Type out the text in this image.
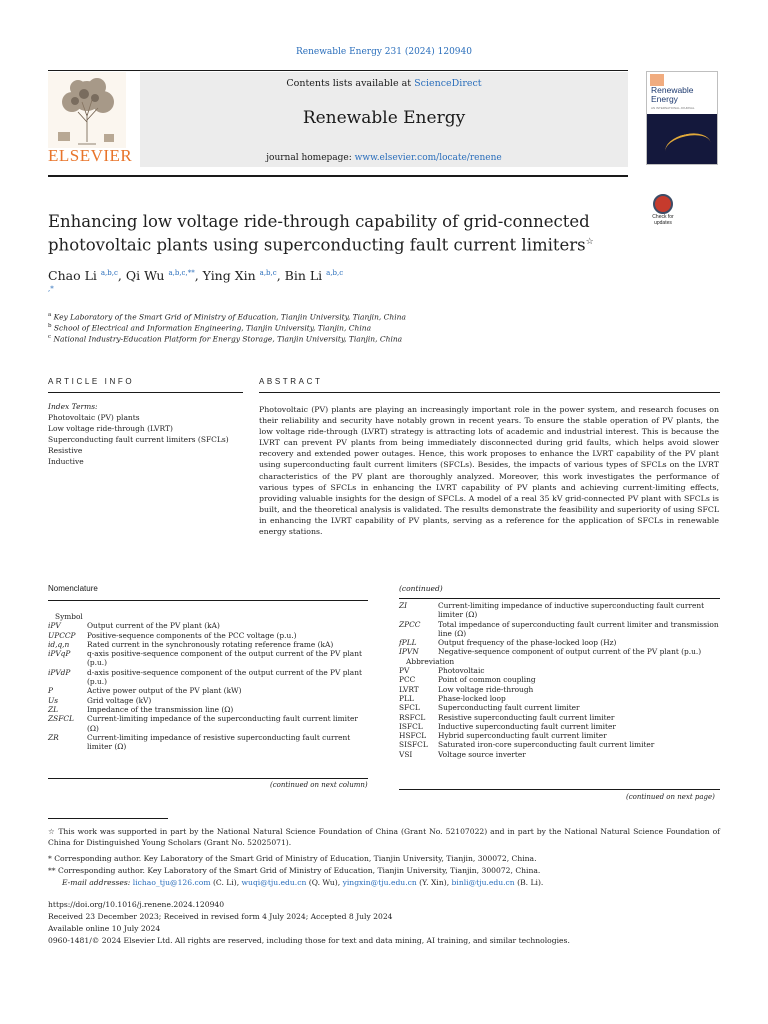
Renewable Energy 231 (2024) 120940
ELSEVIER
Contents lists available at ScienceDirect
Renewable Energy
journal homepage: www.elsevier.com/locate/renene
Renewable Energy
AN INTERNATIONAL JOURNAL
Check for
updates
Enhancing low voltage ride-through capability of grid-connected
photovoltaic plants using superconducting fault current limiters☆
Chao Li $^{a,b,c}$, Qi Wu $^{a,b,c,**}$, Ying Xin $^{a,b,c}$, Bin Li $^{a,b,c}$
,*
$^a$ Key Laboratory of the Smart Grid of Ministry of Education, Tianjin University, Tianjin, China
$^b$ School of Electrical and Information Engineering, Tianjin University, Tianjin, China
$^c$ National Industry-Education Platform for Energy Storage, Tianjin University, Tianjin, China
ARTICLE INFO	ABSTRACT
Index Terms:
Photovoltaic (PV) plants
Low voltage ride-through (LVRT)
Superconducting fault current limiters (SFCLs)
Resistive
Inductive
Photovoltaic (PV) plants are playing an increasingly important role in the power system, and research focuses on their reliability and security have notably grown in recent years. To ensure the stable operation of PV plants, the low voltage ride-through (LVRT) strategy is attracting lots of academic and industrial interest. This is because the LVRT can prevent PV plants from being immediately disconnected during grid faults, which helps avoid slower recovery and extended power outages. Hence, this work proposes to enhance the LVRT capability of the PV plant using superconducting fault current limiters (SFCLs). Besides, the impacts of various types of SFCLs on the LVRT characteristics of the PV plant are thoroughly analyzed. Moreover, this work investigates the performance of various types of SFCLs in enhancing the LVRT capability of PV plants and achieving current-limiting effects, providing valuable insights for the design of SFCLs. A model of a real 35 kV grid-connected PV plant with SFCLs is built, and the theoretical analysis is validated. The results demonstrate the feasibility and superiority of using SFCL in enhancing the LVRT capability of PV plants, serving as a reference for the application of SFCLs in renewable energy stations.
Nomenclature	(continued)
Symbol
iPV	Output current of the PV plant (kA)
UPCCP	Positive-sequence components of the PCC voltage (p.u.)
id,q,n	Rated current in the synchronously rotating reference frame (kA)
iPVqP	q-axis positive-sequence component of the output current of the PV plant (p.u.)
iPVdP	d-axis positive-sequence component of the output current of the PV plant (p.u.)
P	Active power output of the PV plant (kW)
Us	Grid voltage (kV)
ZL	Impedance of the transmission line (Ω)
ZSFCL	Current-limiting impedance of the superconducting fault current limiter (Ω)
ZR	Current-limiting impedance of resistive superconducting fault current limiter (Ω)
(continued on next column)
ZI	Current-limiting impedance of inductive superconducting fault current limiter (Ω)
ZPCC	Total impedance of superconducting fault current limiter and transmission line (Ω)
fPLL	Output frequency of the phase-locked loop (Hz)
IPVN	Negative-sequence component of output current of the PV plant (p.u.)
Abbreviation
PV	Photovoltaic
PCC	Point of common coupling
LVRT	Low voltage ride-through
PLL	Phase-locked loop
SFCL	Superconducting fault current limiter
RSFCL	Resistive superconducting fault current limiter
ISFCL	Inductive superconducting fault current limiter
HSFCL	Hybrid superconducting fault current limiter
SISFCL	Saturated iron-core superconducting fault current limiter
VSI	Voltage source inverter
(continued on next page)
☆ This work was supported in part by the National Natural Science Foundation of China (Grant No. 52107022) and in part by the National Natural Science Foundation of China for Distinguished Young Scholars (Grant No. 52025071).
* Corresponding author. Key Laboratory of the Smart Grid of Ministry of Education, Tianjin University, Tianjin, 300072, China.
** Corresponding author. Key Laboratory of the Smart Grid of Ministry of Education, Tianjin University, Tianjin, 300072, China.
E-mail addresses: lichao_tju@126.com (C. Li), wuqi@tju.edu.cn (Q. Wu), yingxin@tju.edu.cn (Y. Xin), binli@tju.edu.cn (B. Li).
https://doi.org/10.1016/j.renene.2024.120940
Received 23 December 2023; Received in revised form 4 July 2024; Accepted 8 July 2024
Available online 10 July 2024
0960-1481/© 2024 Elsevier Ltd. All rights are reserved, including those for text and data mining, AI training, and similar technologies.
